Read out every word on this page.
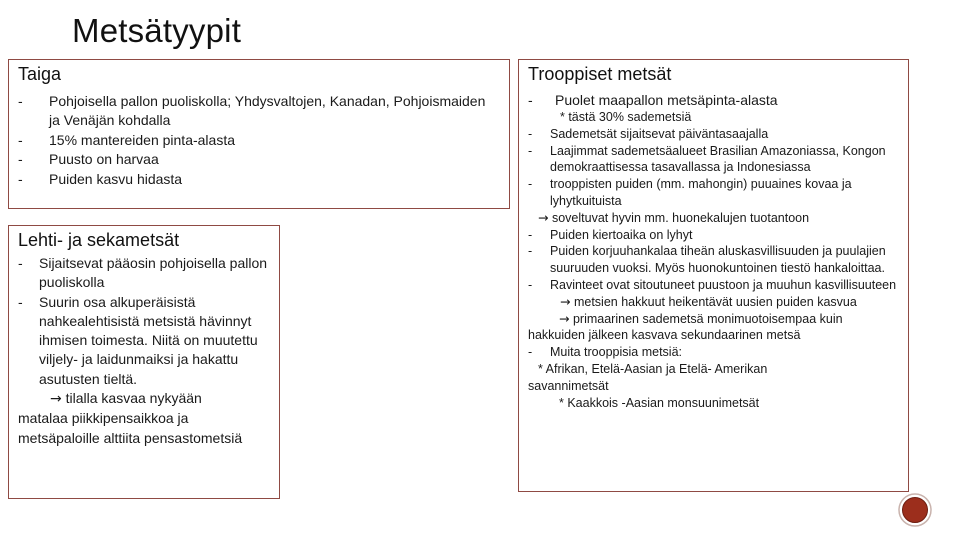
Metsätyypit
Taiga
- Pohjoisella pallon puoliskolla; Yhdysvaltojen, Kanadan, Pohjoismaiden ja Venäjän kohdalla
- 15% mantereiden pinta-alasta
- Puusto on harvaa
- Puiden kasvu hidasta
Lehti- ja sekametsät
- Sijaitsevat pääosin pohjoisella pallon puoliskolla
- Suurin osa alkuperäisistä nahkealehtisistä metsistä hävinnyt ihmisen toimesta. Niitä on muutettu viljely- ja laidunmaiksi ja hakattu asutusten tieltä.
→ tilalla kasvaa nykyään
matalaa piikkipensaikkoa ja metsäpaloille alttiita pensastometsiä
Trooppiset metsät
- Puolet maapallon metsäpinta-alasta
* tästä 30% sademetsiä
- Sademetsät sijaitsevat päiväntasaajalla
- Laajimmat sademetsäalueet Brasilian Amazoniassa, Kongon demokraattisessa tasavallassa ja Indonesiassa
- trooppisten puiden (mm. mahongin) puuaines kovaa ja lyhytkuituista
→ soveltuvat hyvin mm. huonekalujen tuotantoon
- Puiden kiertoaika on lyhyt
- Puiden korjuuhankalaa tiheän aluskasvillisuuden ja puulajien suuruuden vuoksi. Myös huonokuntoinen tiestö hankaloittaa.
- Ravinteet ovat sitoutuneet puustoon ja muuhun kasvillisuuteen
→ metsien hakkuut heikentävät uusien puiden kasvua
→ primaarinen sademetsä monimuotoisempaa kuin
hakkuiden jälkeen kasvava sekundaarinen metsä
- Muita trooppisia metsiä:
* Afrikan, Etelä-Aasian ja Etelä- Amerikan
savannimetsät
* Kaakkois -Aasian monsuunimetsät
